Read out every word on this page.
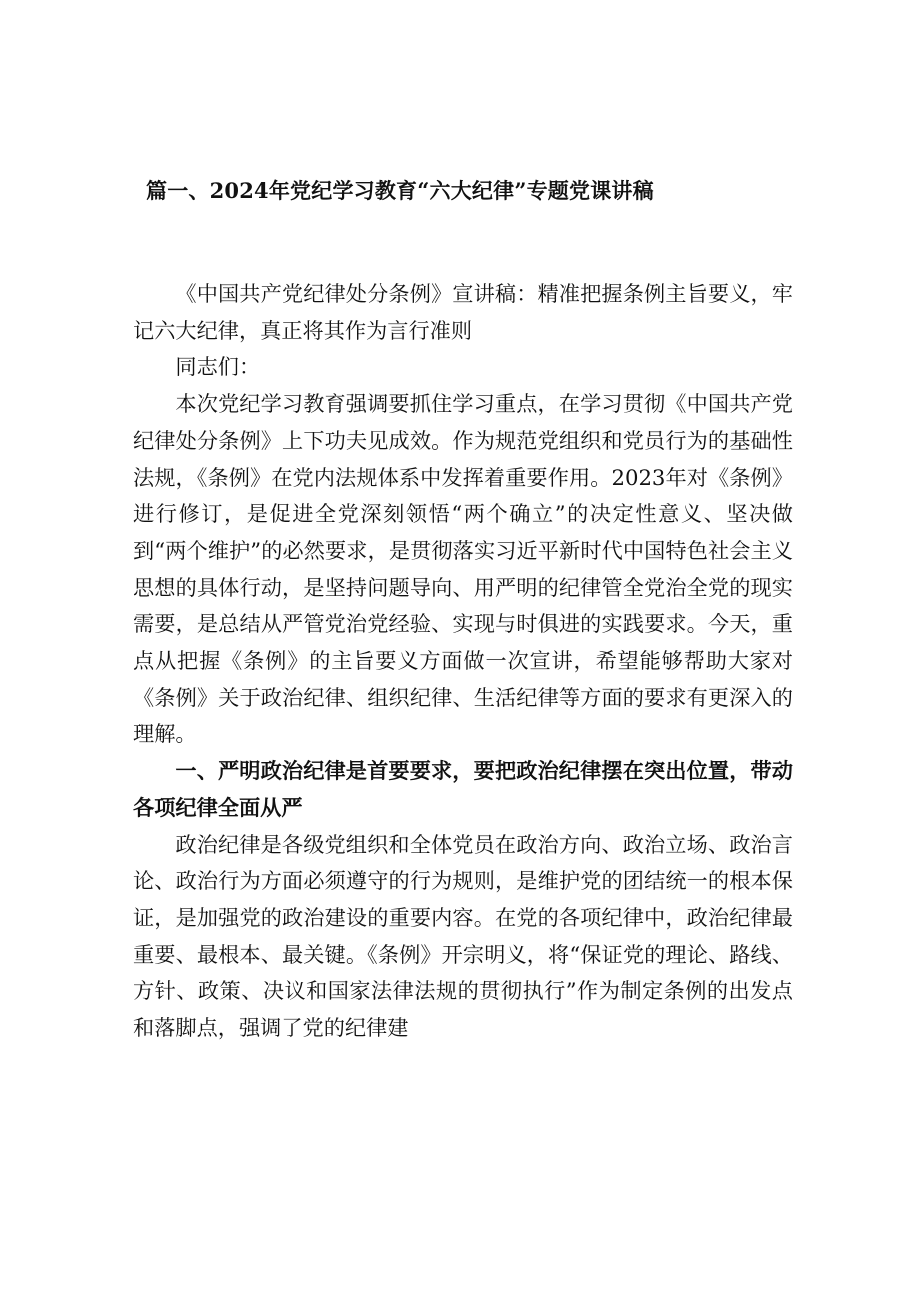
篇一、2024年党纪学习教育“六大纪律”专题党课讲稿

《中国共产党纪律处分条例》宣讲稿：精准把握条例主旨要义，牢记六大纪律，真正将其作为言行准则

同志们：

本次党纪学习教育强调要抓住学习重点，在学习贯彻《中国共产党纪律处分条例》上下功夫见成效。作为规范党组织和党员行为的基础性法规，《条例》在党内法规体系中发挥着重要作用。2023年对《条例》进行修订，是促进全党深刻领悟“两个确立”的决定性意义、坚决做到“两个维护”的必然要求，是贯彻落实习近平新时代中国特色社会主义思想的具体行动，是坚持问题导向、用严明的纪律管全党治全党的现实需要，是总结从严管党治党经验、实现与时俱进的实践要求。今天，重点从把握《条例》的主旨要义方面做一次宣讲，希望能够帮助大家对《条例》关于政治纪律、组织纪律、生活纪律等方面的要求有更深入的理解。

一、严明政治纪律是首要要求，要把政治纪律摆在突出位置，带动各项纪律全面从严

政治纪律是各级党组织和全体党员在政治方向、政治立场、政治言论、政治行为方面必须遵守的行为规则，是维护党的团结统一的根本保证，是加强党的政治建设的重要内容。在党的各项纪律中，政治纪律最重要、最根本、最关键。《条例》开宗明义，将“保证党的理论、路线、方针、政策、决议和国家法律法规的贯彻执行”作为制定条例的出发点和落脚点，强调了党的纪律建
